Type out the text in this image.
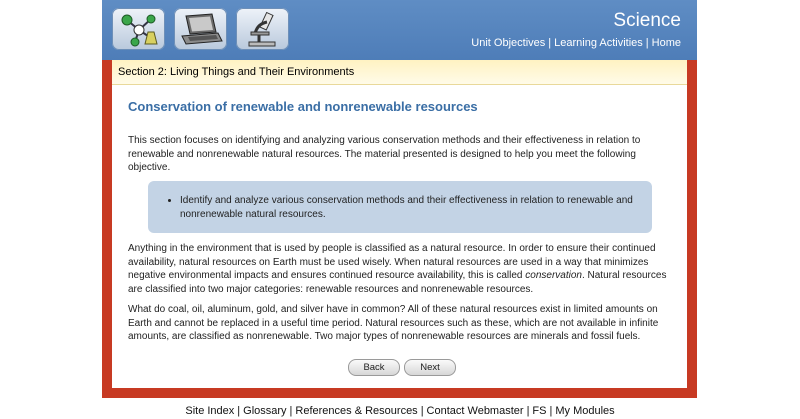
Science
Unit Objectives | Learning Activities | Home
Section 2: Living Things and Their Environments
Conservation of renewable and nonrenewable resources

This section focuses on identifying and analyzing various conservation methods and their effectiveness in relation to renewable and nonrenewable natural resources. The material presented is designed to help you meet the following objective.

• Identify and analyze various conservation methods and their effectiveness in relation to renewable and nonrenewable natural resources.

Anything in the environment that is used by people is classified as a natural resource. In order to ensure their continued availability, natural resources on Earth must be used wisely. When natural resources are used in a way that minimizes negative environmental impacts and ensures continued resource availability, this is called conservation. Natural resources are classified into two major categories: renewable resources and nonrenewable resources.

What do coal, oil, aluminum, gold, and silver have in common? All of these natural resources exist in limited amounts on Earth and cannot be replaced in a useful time period. Natural resources such as these, which are not available in infinite amounts, are classified as nonrenewable. Two major types of nonrenewable resources are minerals and fossil fuels.

Back	Next
Site Index | Glossary | References & Resources | Contact Webmaster | FS | My Modules
